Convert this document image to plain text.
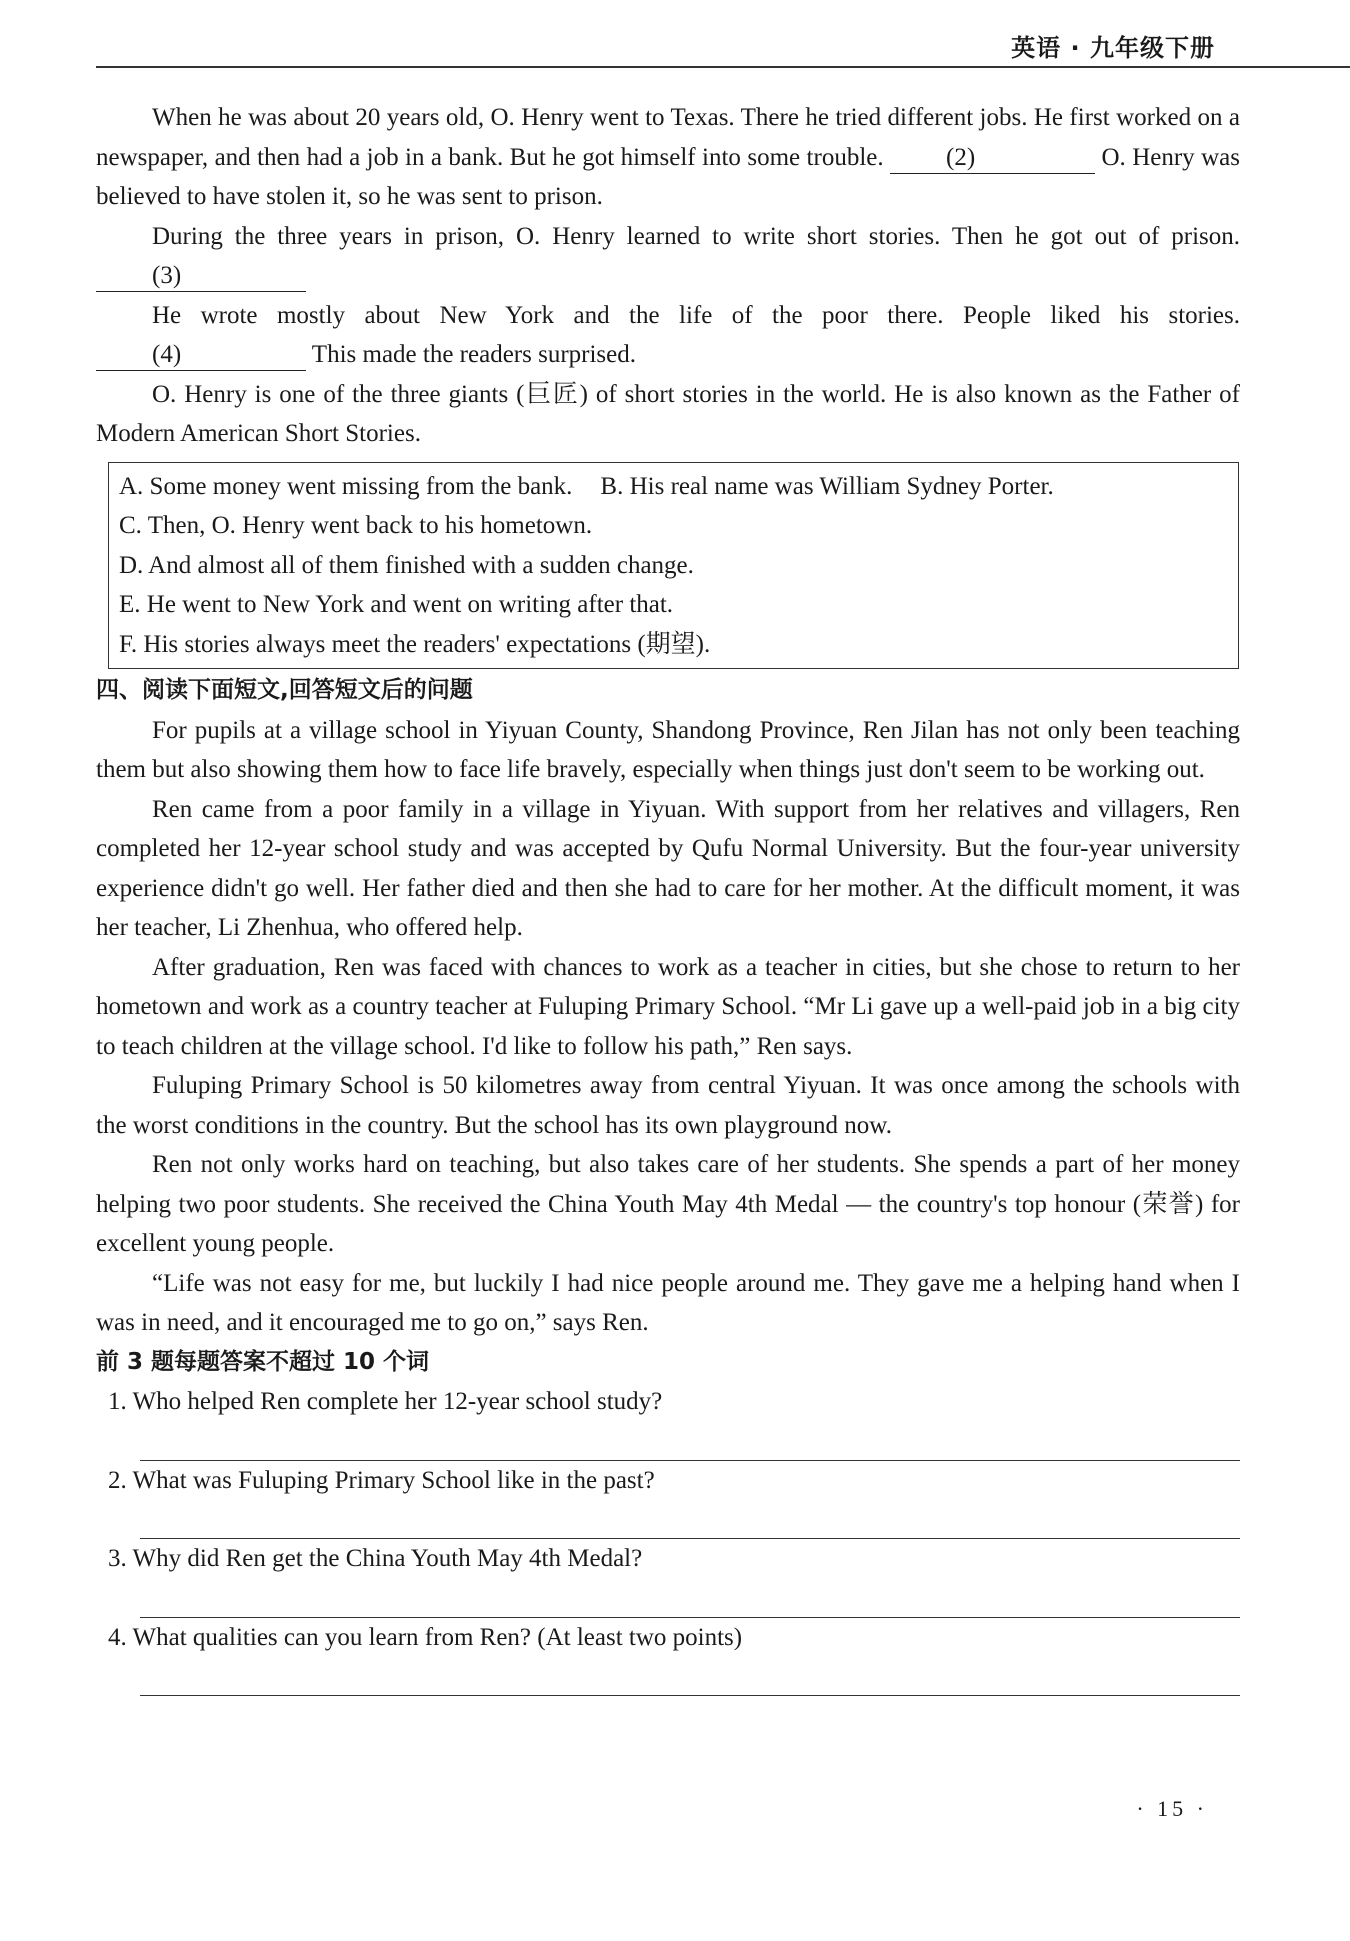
英语 · 九年级下册

When he was about 20 years old, O. Henry went to Texas. There he tried different jobs. He first worked on a newspaper, and then had a job in a bank. But he got himself into some trouble. (2)	O. Henry was believed to have stolen it, so he was sent to prison.

During the three years in prison, O. Henry learned to write short stories. Then he got out of prison. (3)

He wrote mostly about New York and the life of the poor there. People liked his stories. (4)	This made the readers surprised.

O. Henry is one of the three giants (巨匠) of short stories in the world. He is also known as the Father of Modern American Short Stories.

A. Some money went missing from the bank. B. His real name was William Sydney Porter.
C. Then, O. Henry went back to his hometown.
D. And almost all of them finished with a sudden change.
E. He went to New York and went on writing after that.
F. His stories always meet the readers' expectations (期望).
四、阅读下面短文,回答短文后的问题

For pupils at a village school in Yiyuan County, Shandong Province, Ren Jilan has not only been teaching them but also showing them how to face life bravely, especially when things just don't seem to be working out.

Ren came from a poor family in a village in Yiyuan. With support from her relatives and villagers, Ren completed her 12-year school study and was accepted by Qufu Normal University. But the four-year university experience didn't go well. Her father died and then she had to care for her mother. At the difficult moment, it was her teacher, Li Zhenhua, who offered help.

After graduation, Ren was faced with chances to work as a teacher in cities, but she chose to return to her hometown and work as a country teacher at Fuluping Primary School. “Mr Li gave up a well-paid job in a big city to teach children at the village school. I'd like to follow his path,” Ren says.

Fuluping Primary School is 50 kilometres away from central Yiyuan. It was once among the schools with the worst conditions in the country. But the school has its own playground now.

Ren not only works hard on teaching, but also takes care of her students. She spends a part of her money helping two poor students. She received the China Youth May 4th Medal — the country's top honour (荣誉) for excellent young people.

“Life was not easy for me, but luckily I had nice people around me. They gave me a helping hand when I was in need, and it encouraged me to go on,” says Ren.

前 3 题每题答案不超过 10 个词
1. Who helped Ren complete her 12-year school study?
2. What was Fuluping Primary School like in the past?
3. Why did Ren get the China Youth May 4th Medal?
4. What qualities can you learn from Ren? (At least two points)
· 15 ·
